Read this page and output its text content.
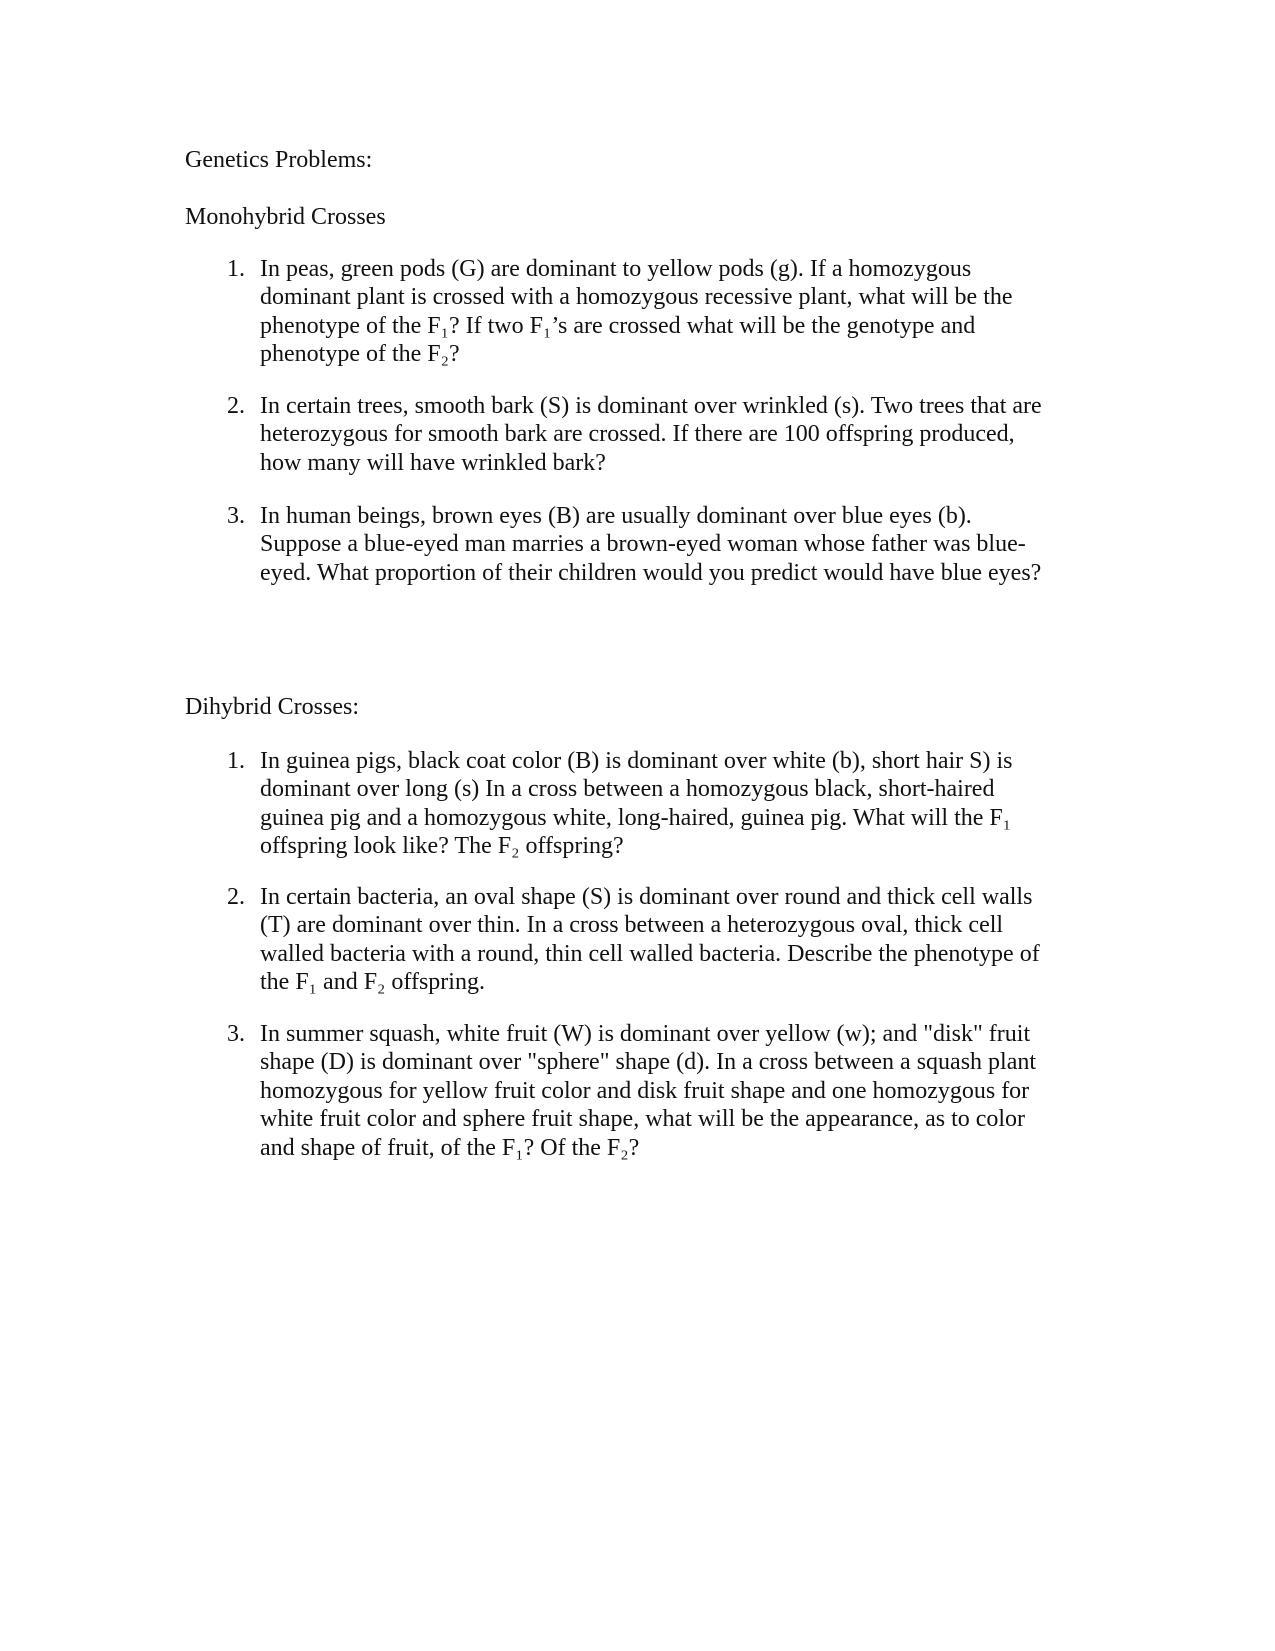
Genetics Problems:
Monohybrid Crosses
1. In peas, green pods (G) are dominant to yellow pods (g). If a homozygous
dominant plant is crossed with a homozygous recessive plant, what will be the
phenotype of the F₁? If two F₁’s are crossed what will be the genotype and
phenotype of the F₂?
2. In certain trees, smooth bark (S) is dominant over wrinkled (s). Two trees that are
heterozygous for smooth bark are crossed. If there are 100 offspring produced,
how many will have wrinkled bark?
3. In human beings, brown eyes (B) are usually dominant over blue eyes (b).
Suppose a blue-eyed man marries a brown-eyed woman whose father was blue-
eyed. What proportion of their children would you predict would have blue eyes?
Dihybrid Crosses:
1. In guinea pigs, black coat color (B) is dominant over white (b), short hair S) is
dominant over long (s) In a cross between a homozygous black, short-haired
guinea pig and a homozygous white, long-haired, guinea pig. What will the F₁
offspring look like? The F₂ offspring?
2. In certain bacteria, an oval shape (S) is dominant over round and thick cell walls
(T) are dominant over thin. In a cross between a heterozygous oval, thick cell
walled bacteria with a round, thin cell walled bacteria. Describe the phenotype of
the F₁ and F₂ offspring.
3. In summer squash, white fruit (W) is dominant over yellow (w); and "disk" fruit
shape (D) is dominant over "sphere" shape (d). In a cross between a squash plant
homozygous for yellow fruit color and disk fruit shape and one homozygous for
white fruit color and sphere fruit shape, what will be the appearance, as to color
and shape of fruit, of the F₁? Of the F₂?
